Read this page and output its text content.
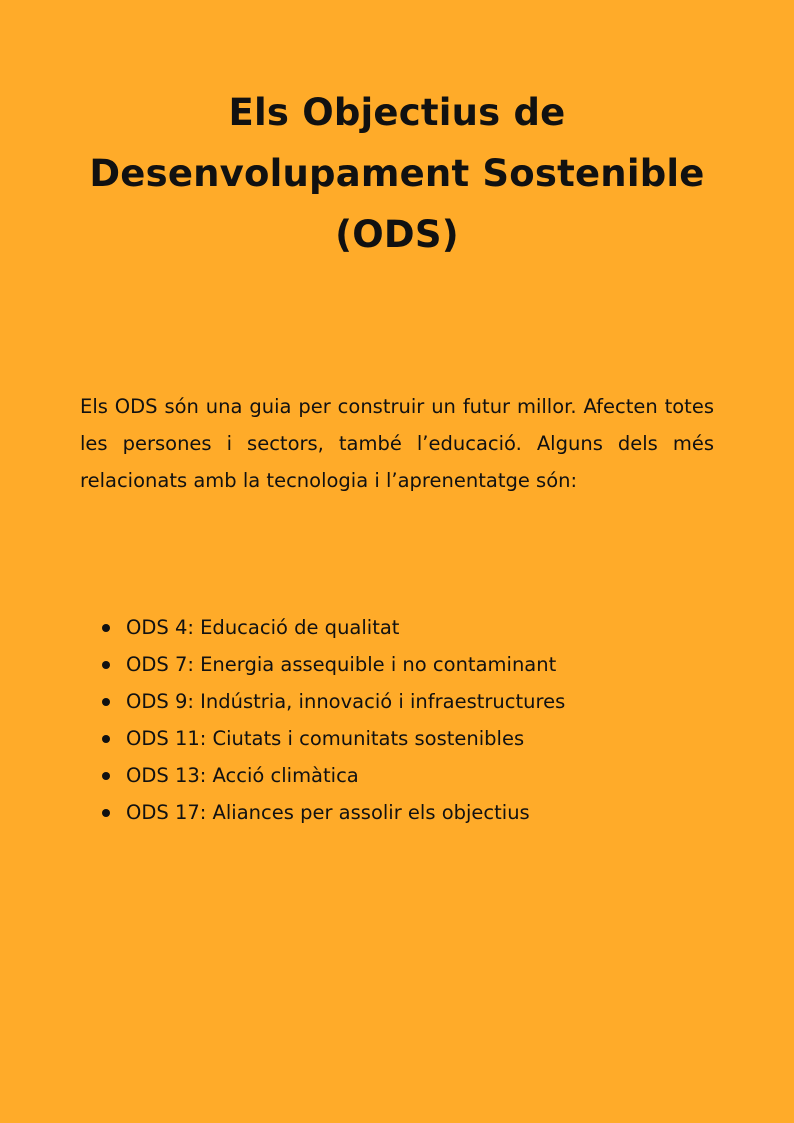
Els Objectius de
Desenvolupament Sostenible
(ODS)

Els ODS són una guia per construir un futur millor. Afecten totes les persones i sectors, també l’educació. Alguns dels més relacionats amb la tecnologia i l’aprenentatge són:

ODS 4: Educació de qualitat
ODS 7: Energia assequible i no contaminant
ODS 9: Indústria, innovació i infraestructures
ODS 11: Ciutats i comunitats sostenibles
ODS 13: Acció climàtica
ODS 17: Aliances per assolir els objectius
